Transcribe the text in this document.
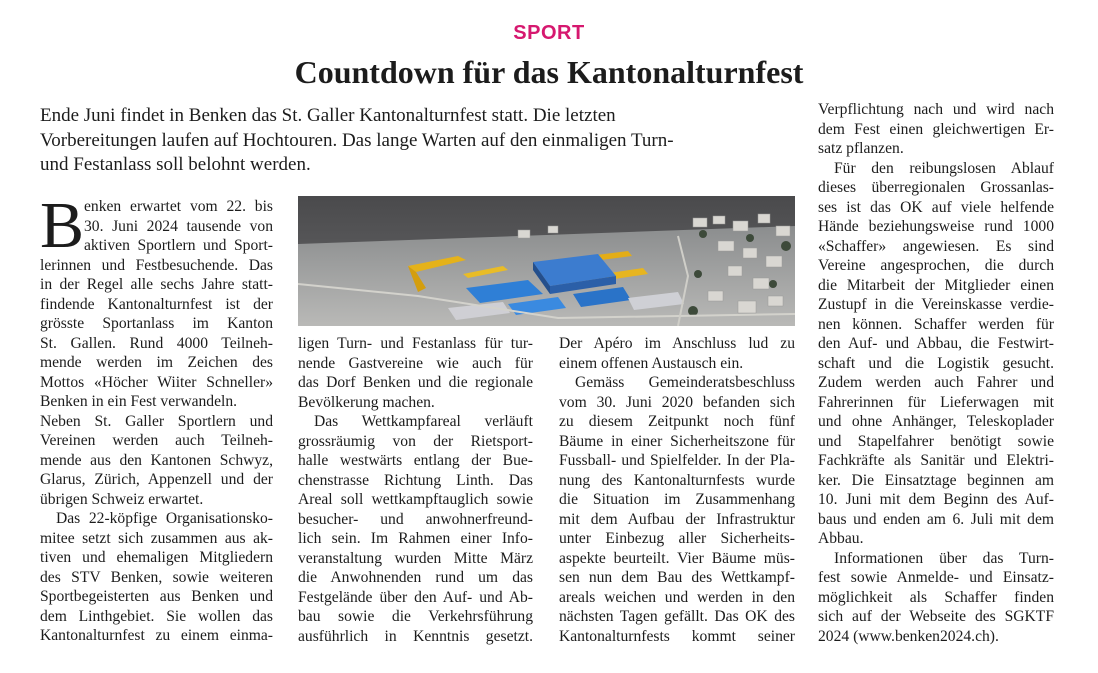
SPORT
Countdown für das Kantonalturnfest
Ende Juni findet in Benken das St. Galler Kantonalturnfest statt. Die letzten
Vorbereitungen laufen auf Hochtouren. Das lange Warten auf den einmaligen Turn-
und Festanlass soll belohnt werden.
B enken erwartet vom 22. bis
30. Juni 2024 tausende von
aktiven Sportlern und Sport-
lerinnen und Festbesuchende. Das
in der Regel alle sechs Jahre statt-
findende Kantonalturnfest ist der
grösste Sportanlass im Kanton
St. Gallen. Rund 4000 Teilneh-
mende werden im Zeichen des
Mottos «Höcher Wiiter Schneller»
Benken in ein Fest verwandeln.
Neben St. Galler Sportlern und
Vereinen werden auch Teilneh-
mende aus den Kantonen Schwyz,
Glarus, Zürich, Appenzell und der
übrigen Schweiz erwartet.
Das 22-köpfige Organisationsko-
mitee setzt sich zusammen aus ak-
tiven und ehemaligen Mitgliedern
des STV Benken, sowie weiteren
Sportbegeisterten aus Benken und
dem Linthgebiet. Sie wollen das
Kantonalturnfest zu einem einma-
ligen Turn- und Festanlass für tur-
nende Gastvereine wie auch für
das Dorf Benken und die regionale
Bevölkerung machen.
Das Wettkampfareal verläuft
grossräumig von der Rietsport-
halle westwärts entlang der Bue-
chenstrasse Richtung Linth. Das
Areal soll wettkampftauglich sowie
besucher- und anwohnerfreund-
lich sein. Im Rahmen einer Info-
veranstaltung wurden Mitte März
die Anwohnenden rund um das
Festgelände über den Auf- und Ab-
bau sowie die Verkehrsführung
ausführlich in Kenntnis gesetzt.
Der Apéro im Anschluss lud zu
einem offenen Austausch ein.
Gemäss Gemeinderatsbeschluss
vom 30. Juni 2020 befanden sich
zu diesem Zeitpunkt noch fünf
Bäume in einer Sicherheitszone für
Fussball- und Spielfelder. In der Pla-
nung des Kantonalturnfests wurde
die Situation im Zusammenhang
mit dem Aufbau der Infrastruktur
unter Einbezug aller Sicherheits-
aspekte beurteilt. Vier Bäume müs-
sen nun dem Bau des Wettkampf-
areals weichen und werden in den
nächsten Tagen gefällt. Das OK des
Kantonalturnfests kommt seiner
Verpflichtung nach und wird nach
dem Fest einen gleichwertigen Er-
satz pflanzen.
Für den reibungslosen Ablauf
dieses überregionalen Grossanlas-
ses ist das OK auf viele helfende
Hände beziehungsweise rund 1000
«Schaffer» angewiesen. Es sind
Vereine angesprochen, die durch
die Mitarbeit der Mitglieder einen
Zustupf in die Vereinskasse verdie-
nen können. Schaffer werden für
den Auf- und Abbau, die Festwirt-
schaft und die Logistik gesucht.
Zudem werden auch Fahrer und
Fahrerinnen für Lieferwagen mit
und ohne Anhänger, Teleskoplader
und Stapelfahrer benötigt sowie
Fachkräfte als Sanitär und Elektri-
ker. Die Einsatztage beginnen am
10. Juni mit dem Beginn des Auf-
baus und enden am 6. Juli mit dem
Abbau.
Informationen über das Turn-
fest sowie Anmelde- und Einsatz-
möglichkeit als Schaffer finden
sich auf der Webseite des SGKTF
2024 (www.benken2024.ch).
